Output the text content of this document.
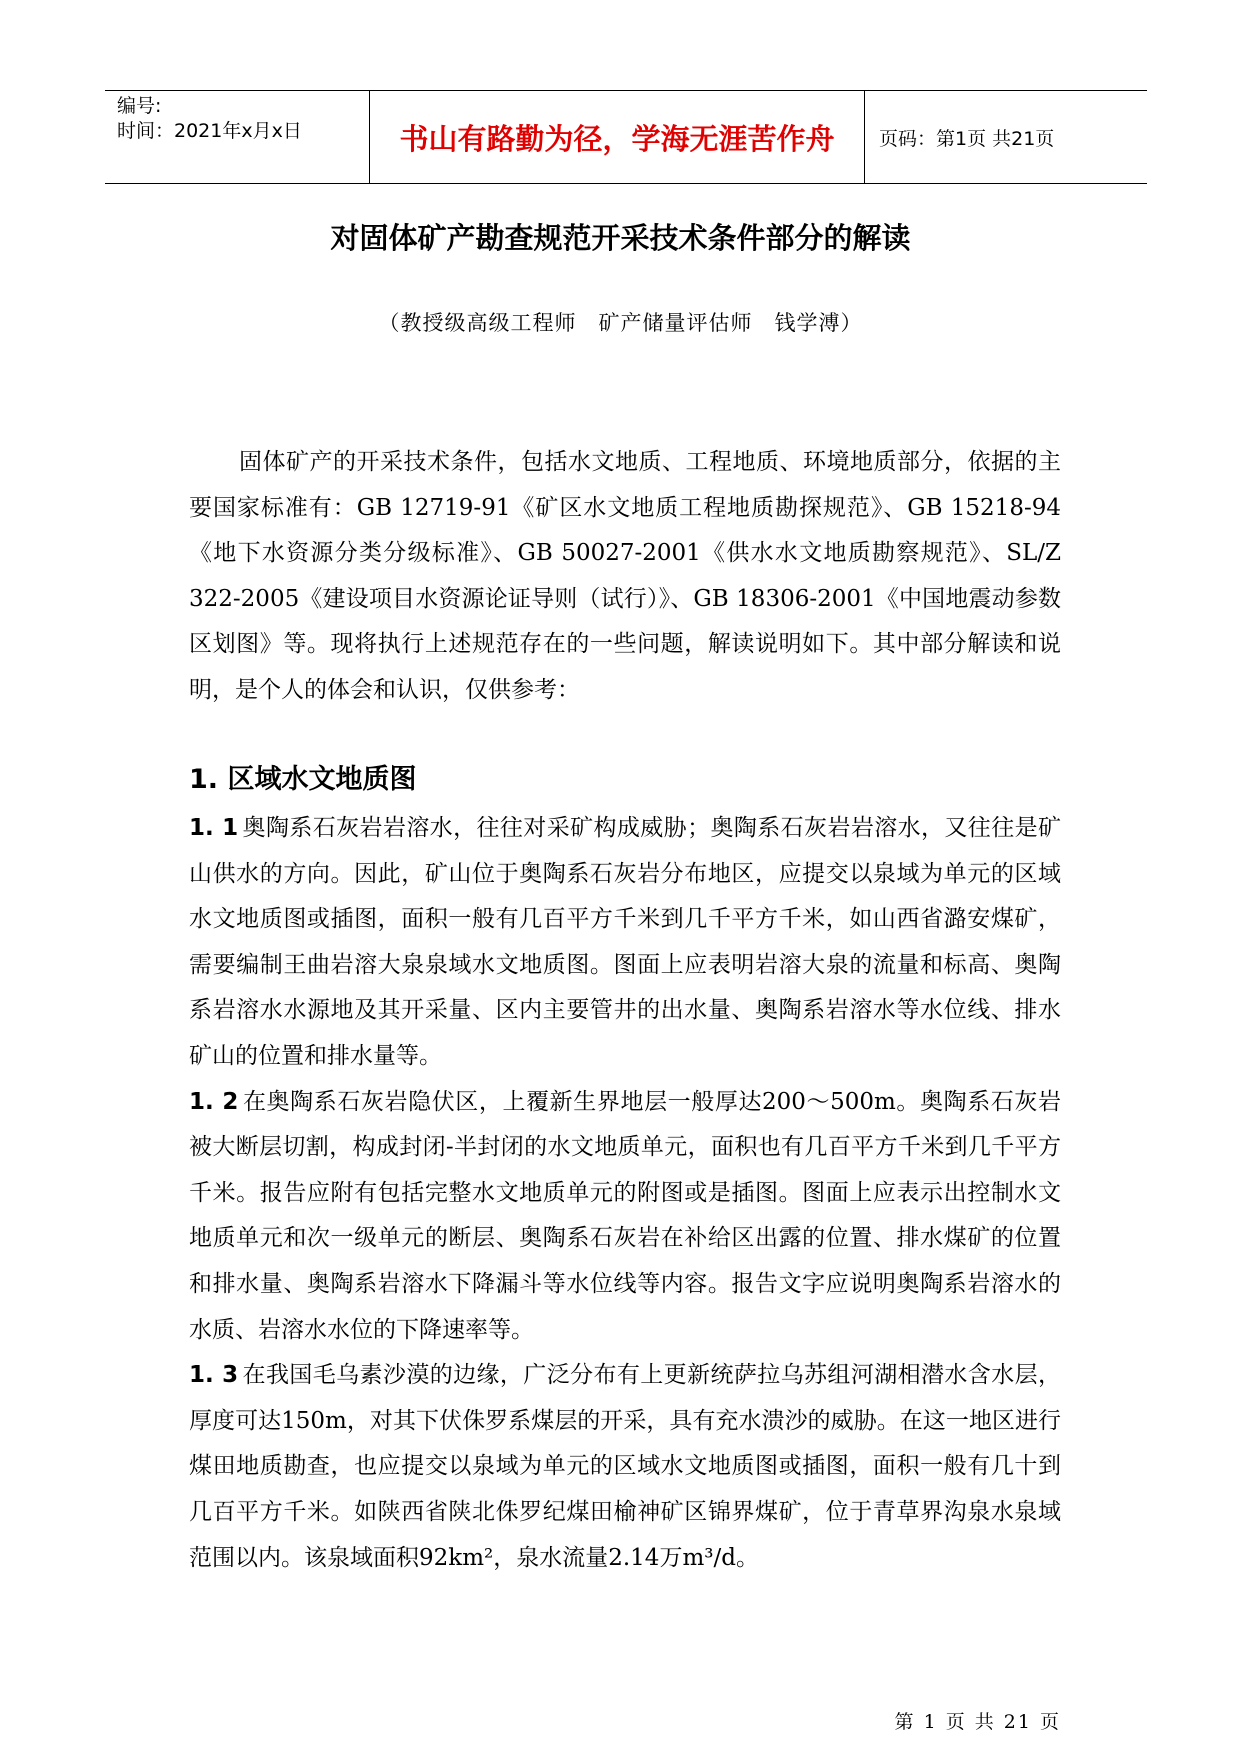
编号:
时间：2021年x月x日	书山有路勤为径，学海无涯苦作舟 页码：第1页 共21页
对固体矿产勘查规范开采技术条件部分的解读
（教授级高级工程师　矿产储量评估师　钱学溥）

固体矿产的开采技术条件，包括水文地质、工程地质、环境地质部分，依据的主要国家标准有：GB 12719-91《矿区水文地质工程地质勘探规范》、GB 15218-94《地下水资源分类分级标准》、GB 50027-2001《供水水文地质勘察规范》、SL/Z 322-2005《建设项目水资源论证导则（试行）》、GB 18306-2001《中国地震动参数区划图》等。现将执行上述规范存在的一些问题，解读说明如下。其中部分解读和说明，是个人的体会和认识，仅供参考：

1. 区域水文地质图

1. 1 奥陶系石灰岩岩溶水，往往对采矿构成威胁；奥陶系石灰岩岩溶水，又往往是矿山供水的方向。因此，矿山位于奥陶系石灰岩分布地区，应提交以泉域为单元的区域水文地质图或插图，面积一般有几百平方千米到几千平方千米，如山西省潞安煤矿，需要编制王曲岩溶大泉泉域水文地质图。图面上应表明岩溶大泉的流量和标高、奥陶系岩溶水水源地及其开采量、区内主要管井的出水量、奥陶系岩溶水等水位线、排水矿山的位置和排水量等。

1. 2 在奥陶系石灰岩隐伏区，上覆新生界地层一般厚达200～500m。奥陶系石灰岩被大断层切割，构成封闭-半封闭的水文地质单元，面积也有几百平方千米到几千平方千米。报告应附有包括完整水文地质单元的附图或是插图。图面上应表示出控制水文地质单元和次一级单元的断层、奥陶系石灰岩在补给区出露的位置、排水煤矿的位置和排水量、奥陶系岩溶水下降漏斗等水位线等内容。报告文字应说明奥陶系岩溶水的水质、岩溶水水位的下降速率等。

1. 3 在我国毛乌素沙漠的边缘，广泛分布有上更新统萨拉乌苏组河湖相潜水含水层，厚度可达150m，对其下伏侏罗系煤层的开采，具有充水溃沙的威胁。在这一地区进行煤田地质勘查，也应提交以泉域为单元的区域水文地质图或插图，面积一般有几十到几百平方千米。如陕西省陕北侏罗纪煤田榆神矿区锦界煤矿，位于青草界沟泉水泉域范围以内。该泉域面积92km²，泉水流量2.14万m³/d。

第 1 页 共 21 页
